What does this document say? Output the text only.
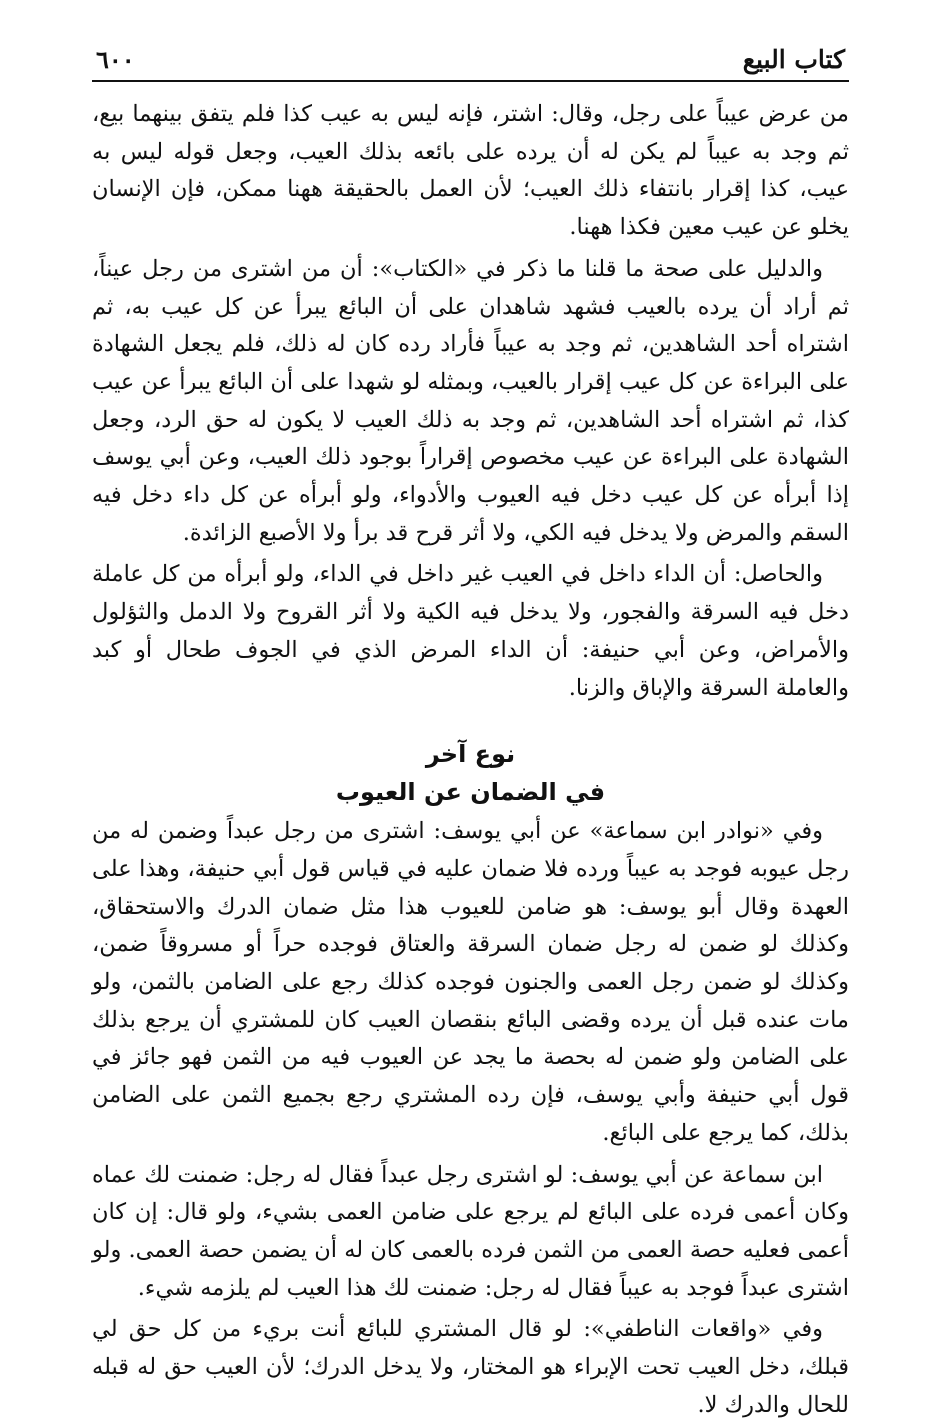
كتاب البيع
٦٠٠

من عرض عيباً على رجل، وقال: اشتر، فإنه ليس به عيب كذا فلم يتفق بينهما بيع، ثم وجد به عيباً لم يكن له أن يرده على بائعه بذلك العيب، وجعل قوله ليس به عيب، كذا إقرار بانتفاء ذلك العيب؛ لأن العمل بالحقيقة ههنا ممكن، فإن الإنسان يخلو عن عيب معين فكذا ههنا.

والدليل على صحة ما قلنا ما ذكر في «الكتاب»: أن من اشترى من رجل عيناً، ثم أراد أن يرده بالعيب فشهد شاهدان على أن البائع يبرأ عن كل عيب به، ثم اشتراه أحد الشاهدين، ثم وجد به عيباً فأراد رده كان له ذلك، فلم يجعل الشهادة على البراءة عن كل عيب إقرار بالعيب، وبمثله لو شهدا على أن البائع يبرأ عن عيب كذا، ثم اشتراه أحد الشاهدين، ثم وجد به ذلك العيب لا يكون له حق الرد، وجعل الشهادة على البراءة عن عيب مخصوص إقراراً بوجود ذلك العيب، وعن أبي يوسف إذا أبرأه عن كل عيب دخل فيه العيوب والأدواء، ولو أبرأه عن كل داء دخل فيه السقم والمرض ولا يدخل فيه الكي، ولا أثر قرح قد برأ ولا الأصبع الزائدة.

والحاصل: أن الداء داخل في العيب غير داخل في الداء، ولو أبرأه من كل عاملة دخل فيه السرقة والفجور، ولا يدخل فيه الكية ولا أثر القروح ولا الدمل والثؤلول والأمراض، وعن أبي حنيفة: أن الداء المرض الذي في الجوف طحال أو كبد والعاملة السرقة والإباق والزنا.

نوع آخر

في الضمان عن العيوب

وفي «نوادر ابن سماعة» عن أبي يوسف: اشترى من رجل عبداً وضمن له من رجل عيوبه فوجد به عيباً ورده فلا ضمان عليه في قياس قول أبي حنيفة، وهذا على العهدة وقال أبو يوسف: هو ضامن للعيوب هذا مثل ضمان الدرك والاستحقاق، وكذلك لو ضمن له رجل ضمان السرقة والعتاق فوجده حراً أو مسروقاً ضمن، وكذلك لو ضمن رجل العمى والجنون فوجده كذلك رجع على الضامن بالثمن، ولو مات عنده قبل أن يرده وقضى البائع بنقصان العيب كان للمشتري أن يرجع بذلك على الضامن ولو ضمن له بحصة ما يجد عن العيوب فيه من الثمن فهو جائز في قول أبي حنيفة وأبي يوسف، فإن رده المشتري رجع بجميع الثمن على الضامن بذلك، كما يرجع على البائع.

ابن سماعة عن أبي يوسف: لو اشترى رجل عبداً فقال له رجل: ضمنت لك عماه وكان أعمى فرده على البائع لم يرجع على ضامن العمى بشيء، ولو قال: إن كان أعمى فعليه حصة العمى من الثمن فرده بالعمى كان له أن يضمن حصة العمى. ولو اشترى عبداً فوجد به عيباً فقال له رجل: ضمنت لك هذا العيب لم يلزمه شيء.

وفي «واقعات الناطفي»: لو قال المشتري للبائع أنت بريء من كل حق لي قبلك، دخل العيب تحت الإبراء هو المختار، ولا يدخل الدرك؛ لأن العيب حق له قبله للحال والدرك لا.
